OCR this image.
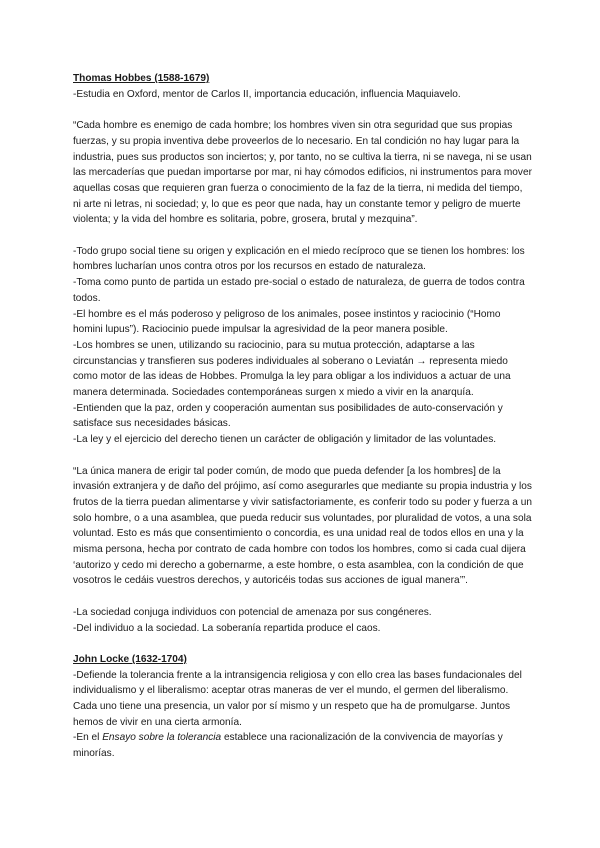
Thomas Hobbes (1588-1679)

-Estudia en Oxford, mentor de Carlos II, importancia educación, influencia Maquiavelo.

“Cada hombre es enemigo de cada hombre; los hombres viven sin otra seguridad que sus propias fuerzas, y su propia inventiva debe proveerlos de lo necesario. En tal condición no hay lugar para la industria, pues sus productos son inciertos; y, por tanto, no se cultiva la tierra, ni se navega, ni se usan las mercaderías que puedan importarse por mar, ni hay cómodos edificios, ni instrumentos para mover aquellas cosas que requieren gran fuerza o conocimiento de la faz de la tierra, ni medida del tiempo, ni arte ni letras, ni sociedad; y, lo que es peor que nada, hay un constante temor y peligro de muerte violenta; y la vida del hombre es solitaria, pobre, grosera, brutal y mezquina”.

-Todo grupo social tiene su origen y explicación en el miedo recíproco que se tienen los hombres: los hombres lucharían unos contra otros por los recursos en estado de naturaleza.

-Toma como punto de partida un estado pre-social o estado de naturaleza, de guerra de todos contra todos.

-El hombre es el más poderoso y peligroso de los animales, posee instintos y raciocinio (“Homo homini lupus”). Raciocinio puede impulsar la agresividad de la peor manera posible.

-Los hombres se unen, utilizando su raciocinio, para su mutua protección, adaptarse a las circunstancias y transfieren sus poderes individuales al soberano o Leviatán → representa miedo como motor de las ideas de Hobbes. Promulga la ley para obligar a los individuos a actuar de una manera determinada. Sociedades contemporáneas surgen x miedo a vivir en la anarquía.

-Entienden que la paz, orden y cooperación aumentan sus posibilidades de auto-conservación y satisface sus necesidades básicas.

-La ley y el ejercicio del derecho tienen un carácter de obligación y limitador de las voluntades.

“La única manera de erigir tal poder común, de modo que pueda defender [a los hombres] de la invasión extranjera y de daño del prójimo, así como asegurarles que mediante su propia industria y los frutos de la tierra puedan alimentarse y vivir satisfactoriamente, es conferir todo su poder y fuerza a un solo hombre, o a una asamblea, que pueda reducir sus voluntades, por pluralidad de votos, a una sola voluntad. Esto es más que consentimiento o concordia, es una unidad real de todos ellos en una y la misma persona, hecha por contrato de cada hombre con todos los hombres, como si cada cual dijera ‘autorizo y cedo mi derecho a gobernarme, a este hombre, o esta asamblea, con la condición de que vosotros le cedáis vuestros derechos, y autoricéis todas sus acciones de igual manera’”.

-La sociedad conjuga individuos con potencial de amenaza por sus congéneres.

-Del individuo a la sociedad. La soberanía repartida produce el caos.

John Locke (1632-1704)

-Defiende la tolerancia frente a la intransigencia religiosa y con ello crea las bases fundacionales del individualismo y el liberalismo: aceptar otras maneras de ver el mundo, el germen del liberalismo. Cada uno tiene una presencia, un valor por sí mismo y un respeto que ha de promulgarse. Juntos hemos de vivir en una cierta armonía.

-En el Ensayo sobre la tolerancia establece una racionalización de la convivencia de mayorías y minorías.
